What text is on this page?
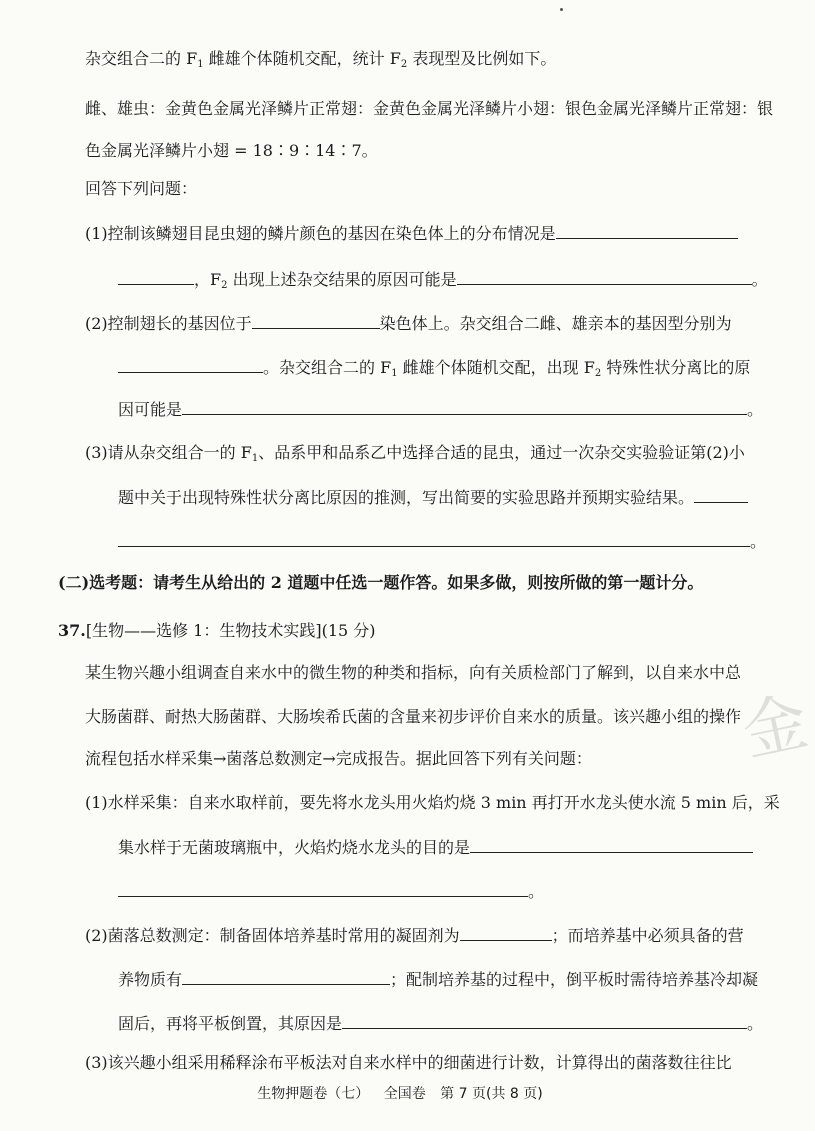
杂交组合二的 $F_1$ 雌雄个体随机交配，统计 $F_2$ 表现型及比例如下。
雌、雄虫：金黄色金属光泽鳞片正常翅：金黄色金属光泽鳞片小翅：银色金属光泽鳞片正常翅：银
色金属光泽鳞片小翅 = 18∶9∶14∶7。
回答下列问题：
(1)控制该鳞翅目昆虫翅的鳞片颜色的基因在染色体上的分布情况是
，$F_2$ 出现上述杂交结果的原因可能是	。
(2)控制翅长的基因位于	染色体上。杂交组合二雌、雄亲本的基因型分别为
。杂交组合二的 $F_1$ 雌雄个体随机交配，出现 $F_2$ 特殊性状分离比的原
因可能是	。
(3)请从杂交组合一的 $F_1$、品系甲和品系乙中选择合适的昆虫，通过一次杂交实验验证第(2)小
题中关于出现特殊性状分离比原因的推测，写出简要的实验思路并预期实验结果。
。
(二)选考题：请考生从给出的 2 道题中任选一题作答。如果多做，则按所做的第一题计分。
37.[生物——选修 1：生物技术实践](15 分)
某生物兴趣小组调查自来水中的微生物的种类和指标，向有关质检部门了解到，以自来水中总
大肠菌群、耐热大肠菌群、大肠埃希氏菌的含量来初步评价自来水的质量。该兴趣小组的操作
流程包括水样采集→菌落总数测定→完成报告。据此回答下列有关问题：
(1)水样采集：自来水取样前，要先将水龙头用火焰灼烧 3 min 再打开水龙头使水流 5 min 后，采
集水样于无菌玻璃瓶中，火焰灼烧水龙头的目的是
。
(2)菌落总数测定：制备固体培养基时常用的凝固剂为	；而培养基中必须具备的营
养物质有	；配制培养基的过程中，倒平板时需待培养基冷却凝
固后，再将平板倒置，其原因是	。
(3)该兴趣小组采用稀释涂布平板法对自来水样中的细菌进行计数，计算得出的菌落数往往比
金
生物押题卷（七） 全国卷 第 7 页(共 8 页)
